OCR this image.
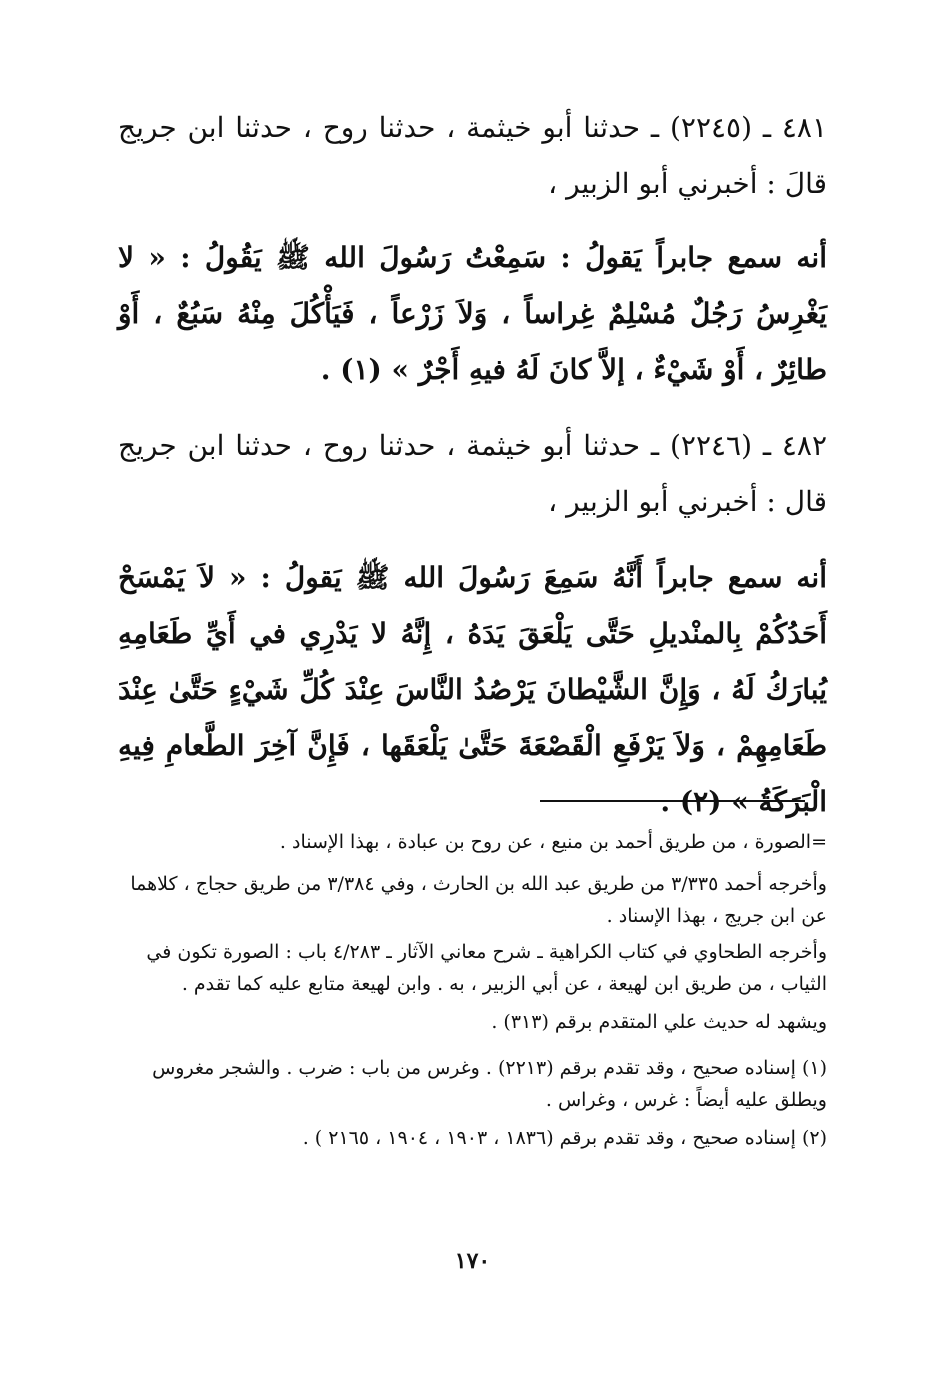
٤٨١ ـ (٢٢٤٥) ـ حدثنا أبو خيثمة ، حدثنا روح ، حدثنا ابن جريج قالَ : أخبرني أبو الزبير ،

أنه سمع جابراً يَقولُ : سَمِعْتُ رَسُولَ الله ﷺ يَقُولُ : « لا يَغْرِسُ رَجُلٌ مُسْلِمٌ غِراساً ، وَلاَ زَرْعاً ، فَيَأْكُلَ مِنْهُ سَبُعٌ ، أَوْ طائِرٌ ، أَوْ شَيْءٌ ، إلاَّ كانَ لَهُ فيهِ أَجْرٌ » (١) .

٤٨٢ ـ (٢٢٤٦) ـ حدثنا أبو خيثمة ، حدثنا روح ، حدثنا ابن جريج قال : أخبرني أبو الزبير ،

أنه سمع جابراً أَنَّهُ سَمِعَ رَسُولَ الله ﷺ يَقولُ : « لاَ يَمْسَحْ أَحَدُكُمْ بِالمنْديلِ حَتَّى يَلْعَقَ يَدَهُ ، إِنَّهُ لا يَدْرِي في أَيِّ طَعَامِهِ يُبارَكُ لَهُ ، وَإِنَّ الشَّيْطانَ يَرْصُدُ النَّاسَ عِنْدَ كُلِّ شَيْءٍ حَتَّىٰ عِنْدَ طَعَامِهِمْ ، وَلاَ يَرْفَعِ الْقَصْعَةَ حَتَّىٰ يَلْعَقَها ، فَإِنَّ آخِرَ الطَّعامِ فِيهِ الْبَرَكَةُ » (٢) .

=الصورة ، من طريق أحمد بن منيع ، عن روح بن عبادة ، بهذا الإسناد .

وأخرجه أحمد ٣/٣٣٥ من طريق عبد الله بن الحارث ، وفي ٣/٣٨٤ من طريق حجاج ، كلاهما عن ابن جريج ، بهذا الإسناد .

وأخرجه الطحاوي في كتاب الكراهية ـ شرح معاني الآثار ـ ٤/٢٨٣ باب : الصورة تكون في الثياب ، من طريق ابن لهيعة ، عن أبي الزبير ، به . وابن لهيعة متابع عليه كما تقدم .

ويشهد له حديث علي المتقدم برقم (٣١٣) .

(١) إسناده صحيح ، وقد تقدم برقم (٢٢١٣) . وغرس من باب : ضرب . والشجر مغروس ويطلق عليه أيضاً : غرس ، وغراس .

(٢) إسناده صحيح ، وقد تقدم برقم (١٨٣٦ ، ١٩٠٣ ، ١٩٠٤ ، ٢١٦٥ ) .

١٧٠
